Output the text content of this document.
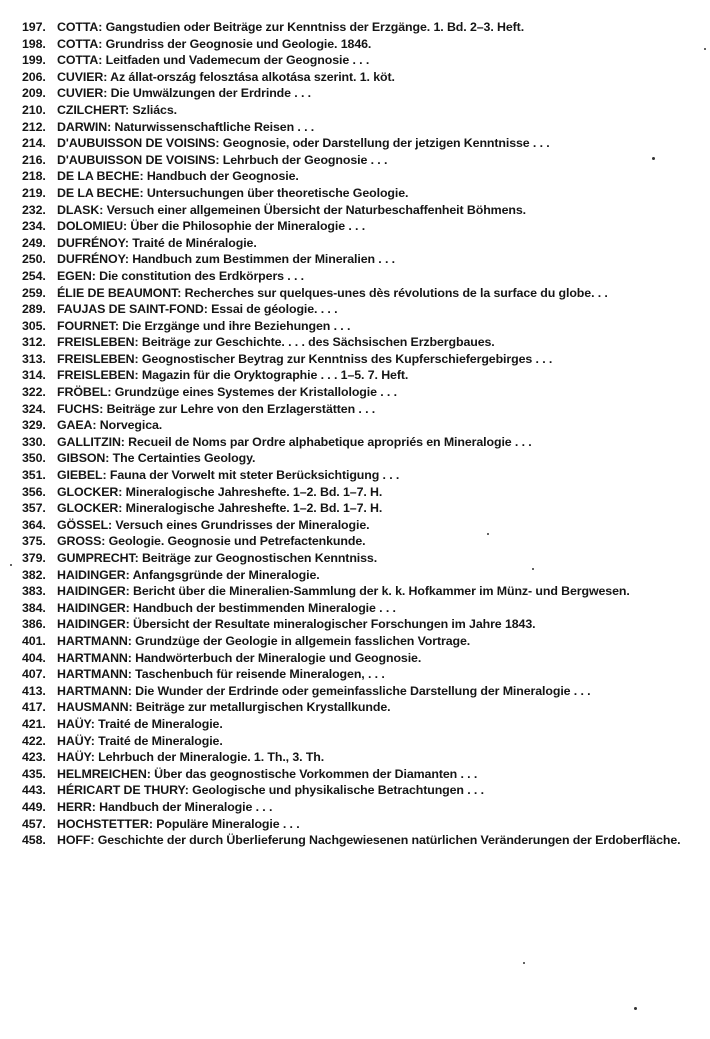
197. COTTA: Gangstudien oder Beiträge zur Kenntniss der Erzgänge. 1. Bd. 2–3. Heft.
198. COTTA: Grundriss der Geognosie und Geologie. 1846.
199. COTTA: Leitfaden und Vademecum der Geognosie . . .
206. CUVIER: Az állat-ország felosztása alkotása szerint. 1. köt.
209. CUVIER: Die Umwälzungen der Erdrinde . . .
210. CZILCHERT: Szliács.
212. DARWIN: Naturwissenschaftliche Reisen . . .
214. D'AUBUISSON DE VOISINS: Geognosie, oder Darstellung der jetzigen Kenntnisse . . .
216. D'AUBUISSON DE VOISINS: Lehrbuch der Geognosie . . .
218. DE LA BECHE: Handbuch der Geognosie.
219. DE LA BECHE: Untersuchungen über theoretische Geologie.
232. DLASK: Versuch einer allgemeinen Übersicht der Naturbeschaffenheit Böhmens.
234. DOLOMIEU: Über die Philosophie der Mineralogie . . .
249. DUFRÉNOY: Traité de Minéralogie.
250. DUFRÉNOY: Handbuch zum Bestimmen der Mineralien . . .
254. EGEN: Die constitution des Erdkörpers . . .
259. ÉLIE DE BEAUMONT: Recherches sur quelques-unes dès révolutions de la surface du globe. . .
289. FAUJAS DE SAINT-FOND: Essai de géologie. . . .
305. FOURNET: Die Erzgänge und ihre Beziehungen . . .
312. FREISLEBEN: Beiträge zur Geschichte. . . . des Sächsischen Erzbergbaues.
313. FREISLEBEN: Geognostischer Beytrag zur Kenntniss des Kupferschiefergebirges . . .
314. FREISLEBEN: Magazin für die Oryktographie . . . 1–5. 7. Heft.
322. FRÖBEL: Grundzüge eines Systemes der Kristallologie . . .
324. FUCHS: Beiträge zur Lehre von den Erzlagerstätten . . .
329. GAEA: Norvegica.
330. GALLITZIN: Recueil de Noms par Ordre alphabetique apropriés en Mineralogie . . .
350. GIBSON: The Certainties Geology.
351. GIEBEL: Fauna der Vorwelt mit steter Berücksichtigung . . .
356. GLOCKER: Mineralogische Jahreshefte. 1–2. Bd. 1–7. H.
357. GLOCKER: Mineralogische Jahreshefte. 1–2. Bd. 1–7. H.
364. GÖSSEL: Versuch eines Grundrisses der Mineralogie.
375. GROSS: Geologie. Geognosie und Petrefactenkunde.
379. GUMPRECHT: Beiträge zur Geognostischen Kenntniss.
382. HAIDINGER: Anfangsgründe der Mineralogie.
383. HAIDINGER: Bericht über die Mineralien-Sammlung der k. k. Hofkammer im Münz- und Bergwesen.
384. HAIDINGER: Handbuch der bestimmenden Mineralogie . . .
386. HAIDINGER: Übersicht der Resultate mineralogischer Forschungen im Jahre 1843.
401. HARTMANN: Grundzüge der Geologie in allgemein fasslichen Vortrage.
404. HARTMANN: Handwörterbuch der Mineralogie und Geognosie.
407. HARTMANN: Taschenbuch für reisende Mineralogen, . . .
413. HARTMANN: Die Wunder der Erdrinde oder gemeinfassliche Darstellung der Mineralogie . . .
417. HAUSMANN: Beiträge zur metallurgischen Krystallkunde.
421. HAÜY: Traité de Mineralogie.
422. HAÜY: Traité de Mineralogie.
423. HAÜY: Lehrbuch der Mineralogie. 1. Th., 3. Th.
435. HELMREICHEN: Über das geognostische Vorkommen der Diamanten . . .
443. HÉRICART DE THURY: Geologische und physikalische Betrachtungen . . .
449. HERR: Handbuch der Mineralogie . . .
457. HOCHSTETTER: Populäre Mineralogie . . .
458. HOFF: Geschichte der durch Überlieferung Nachgewiesenen natürlichen Veränderungen der Erdoberfläche.
